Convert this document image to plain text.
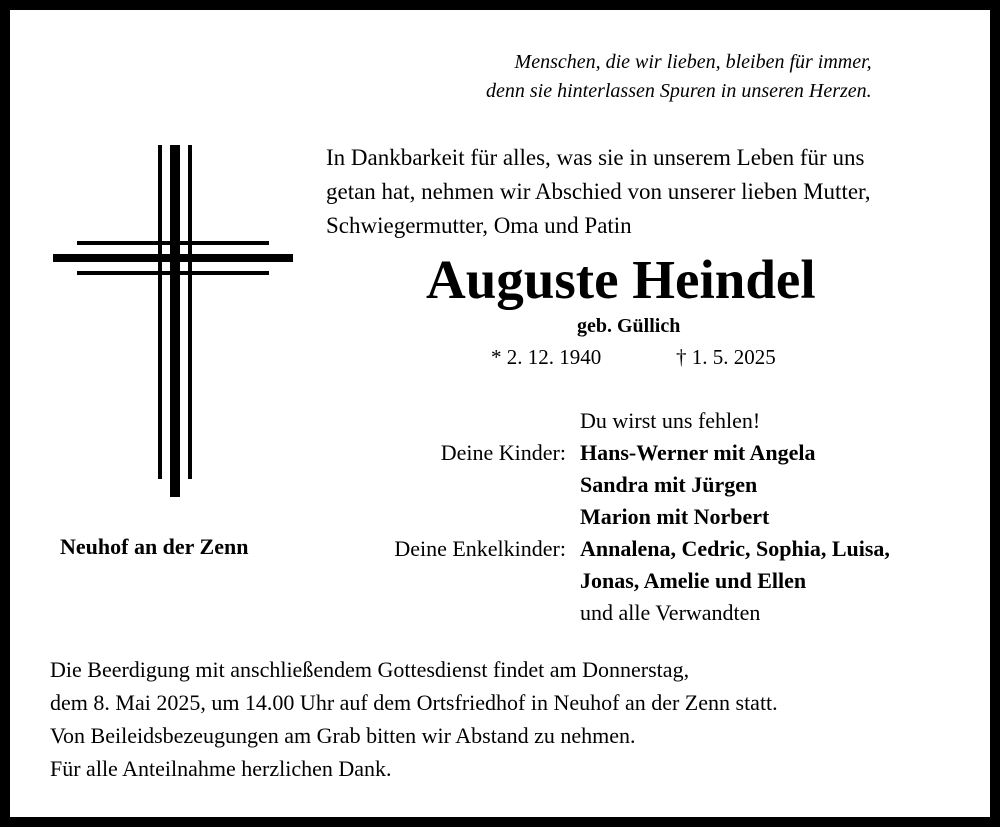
Menschen, die wir lieben, bleiben für immer,
denn sie hinterlassen Spuren in unseren Herzen.
In Dankbarkeit für alles, was sie in unserem Leben für uns
getan hat, nehmen wir Abschied von unserer lieben Mutter,
Schwiegermutter, Oma und Patin
Auguste Heindel
geb. Güllich
* 2. 12. 1940	† 1. 5. 2025
Du wirst uns fehlen!
Deine Kinder: Hans-Werner mit Angela
Sandra mit Jürgen
Marion mit Norbert
Deine Enkelkinder: Annalena, Cedric, Sophia, Luisa,
Jonas, Amelie und Ellen
und alle Verwandten
Neuhof an der Zenn
Die Beerdigung mit anschließendem Gottesdienst findet am Donnerstag,
dem 8. Mai 2025, um 14.00 Uhr auf dem Ortsfriedhof in Neuhof an der Zenn statt.
Von Beileidsbezeugungen am Grab bitten wir Abstand zu nehmen.
Für alle Anteilnahme herzlichen Dank.
